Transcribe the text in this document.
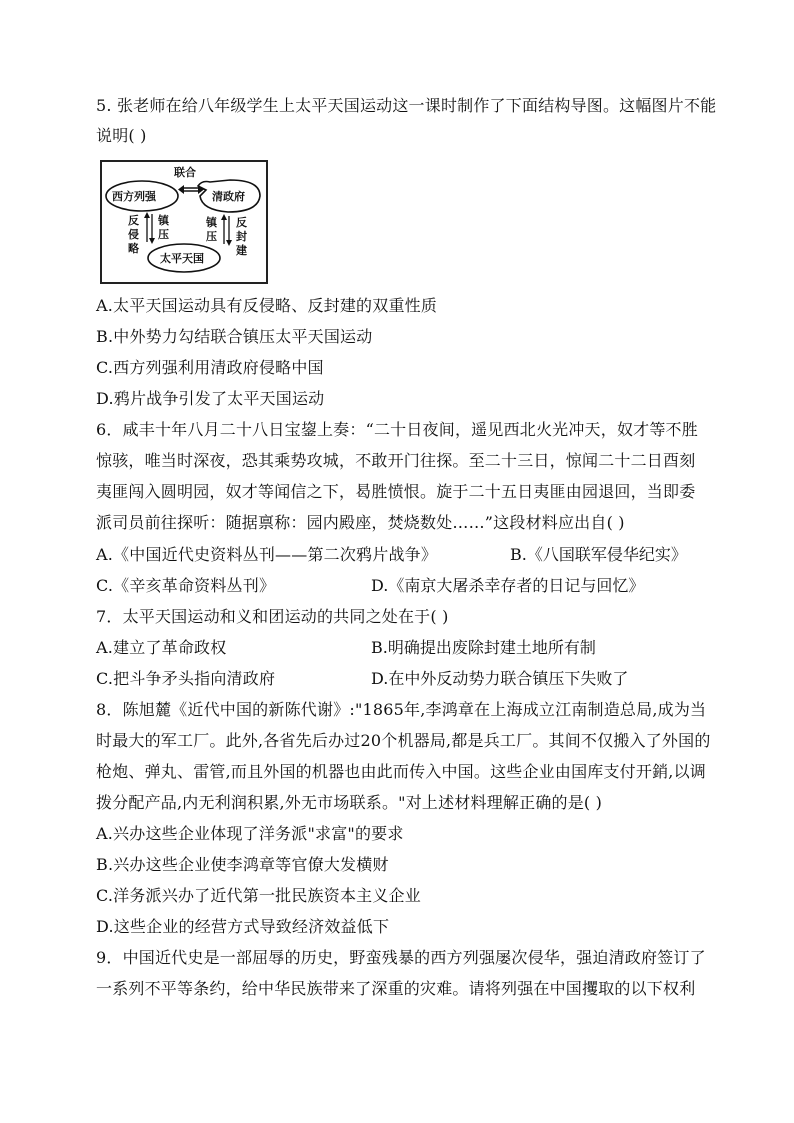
5. 张老师在给八年级学生上太平天国运动这一课时制作了下面结构导图。这幅图片不能
说明( )
联合
西方列强	清政府
反
侵
略
镇
压
镇
压
反
封
建
太平天国
A.太平天国运动具有反侵略、反封建的双重性质
B.中外势力勾结联合镇压太平天国运动
C.西方列强利用清政府侵略中国
D.鸦片战争引发了太平天国运动
6．咸丰十年八月二十八日宝鋆上奏：“二十日夜间，遥见西北火光冲天，奴才等不胜
惊骇，唯当时深夜，恐其乘势攻城，不敢开门往探。至二十三日，惊闻二十二日酉刻
夷匪闯入圆明园，奴才等闻信之下，曷胜愤恨。旋于二十五日夷匪由园退回，当即委
派司员前往探听：随据禀称：园内殿座，焚烧数处……”这段材料应出自( )
A.《中国近代史资料丛刊——第二次鸦片战争》	B.《八国联军侵华纪实》
C.《辛亥革命资料丛刊》	D.《南京大屠杀幸存者的日记与回忆》
7．太平天国运动和义和团运动的共同之处在于( )
A.建立了革命政权	B.明确提出废除封建土地所有制
C.把斗争矛头指向清政府	D.在中外反动势力联合镇压下失败了
8．陈旭麓《近代中国的新陈代谢》:"1865年,李鸿章在上海成立江南制造总局,成为当
时最大的军工厂。此外,各省先后办过20个机器局,都是兵工厂。其间不仅搬入了外国的
枪炮、弹丸、雷管,而且外国的机器也由此而传入中国。这些企业由国库支付开銷,以调
拨分配产品,内无利润积累,外无市场联系。"对上述材料理解正确的是( )
A.兴办这些企业体现了洋务派"求富"的要求
B.兴办这些企业使李鸿章等官僚大发横财
C.洋务派兴办了近代第一批民族资本主义企业
D.这些企业的经营方式导致经济效益低下
9．中国近代史是一部屈辱的历史，野蛮残暴的西方列强屡次侵华，强迫清政府签订了
一系列不平等条约，给中华民族带来了深重的灾难。请将列强在中国攫取的以下权利
